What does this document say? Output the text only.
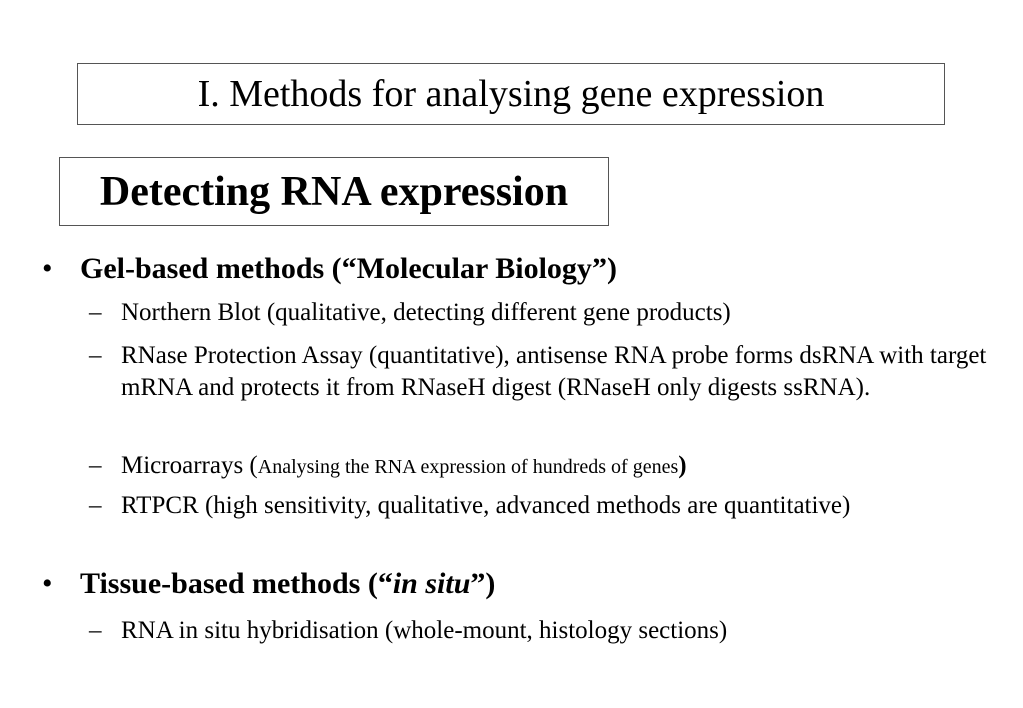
I. Methods for analysing gene expression
Detecting RNA expression
• Gel-based methods (“Molecular Biology”)
– Northern Blot (qualitative, detecting different gene products)
– RNase Protection Assay (quantitative), antisense RNA probe forms dsRNA with target mRNA and protects it from RNaseH digest (RNaseH only digests ssRNA).
– Microarrays (Analysing the RNA expression of hundreds of genes)
– RTPCR (high sensitivity, qualitative, advanced methods are quantitative)
• Tissue-based methods (“in situ”)
– RNA in situ hybridisation (whole-mount, histology sections)
